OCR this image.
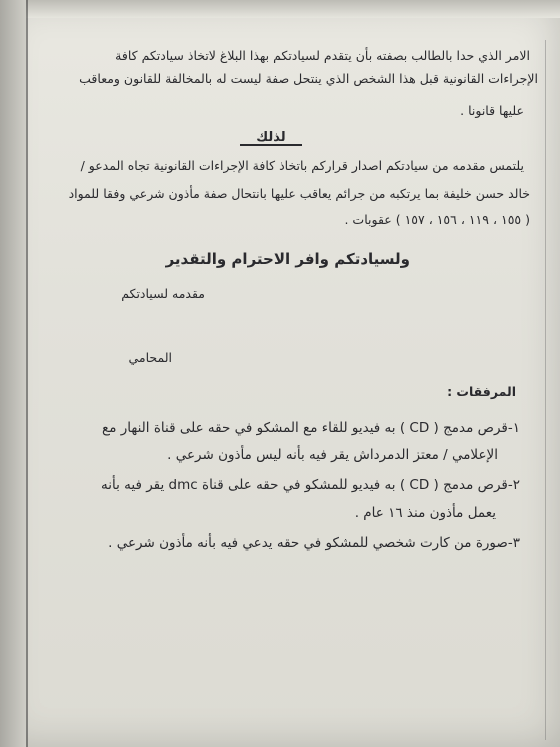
الامر الذي حدا بالطالب بصفته بأن يتقدم لسيادتكم بهذا البلاغ لاتخاذ سيادتكم كافة
الإجراءات القانونية قبل هذا الشخص الذي ينتحل صفة ليست له بالمخالفة للقانون ومعاقب
عليها قانونا .
لذلك
يلتمس مقدمه من سيادتكم اصدار قراركم باتخاذ كافة الإجراءات القانونية تجاه المدعو /
خالد حسن خليفة بما يرتكبه من جرائم يعاقب عليها بانتحال صفة مأذون شرعي وفقا للمواد
( ١٥٥ ، ١١٩ ، ١٥٦ ، ١٥٧ ) عقوبات .
ولسيادتكم وافر الاحترام والتقدير
مقدمه لسيادتكم
المحامي
المرفقات :
١-قرص مدمج ( CD ) به فيديو للقاء مع المشكو في حقه على قناة النهار مع
الإعلامي / معتز الدمرداش يقر فيه بأنه ليس مأذون شرعي .
٢-قرص مدمج ( CD ) به فيديو للمشكو في حقه على قناة dmc يقر فيه بأنه
يعمل مأذون منذ ١٦ عام .
٣-صورة من كارت شخصي للمشكو في حقه يدعي فيه بأنه مأذون شرعي .
